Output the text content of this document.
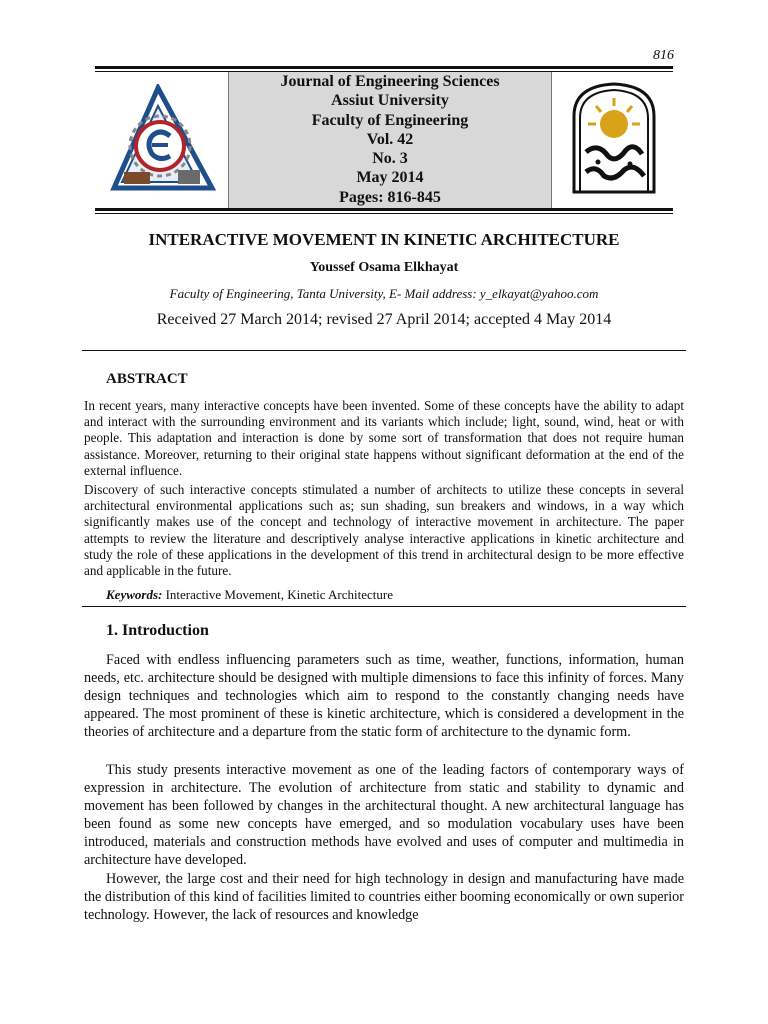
816
Journal of Engineering Sciences
Assiut University
Faculty of Engineering
Vol. 42
No. 3
May 2014
Pages: 816-845
INTERACTIVE MOVEMENT IN KINETIC ARCHITECTURE
Youssef Osama Elkhayat
Faculty of Engineering, Tanta University, E- Mail address: y_elkayat@yahoo.com
Received 27 March 2014; revised 27 April 2014; accepted 4 May 2014
ABSTRACT
In recent years, many interactive concepts have been invented. Some of these concepts have the ability to adapt and interact with the surrounding environment and its variants which include; light, sound, wind, heat or with people. This adaptation and interaction is done by some sort of transformation that does not require human assistance. Moreover, returning to their original state happens without significant deformation at the end of the external influence.
Discovery of such interactive concepts stimulated a number of architects to utilize these concepts in several architectural environmental applications such as; sun shading, sun breakers and windows, in a way which significantly makes use of the concept and technology of interactive movement in architecture. The paper attempts to review the literature and descriptively analyse interactive applications in kinetic architecture and study the role of these applications in the development of this trend in architectural design to be more effective and applicable in the future.
Keywords: Interactive Movement, Kinetic Architecture
1. Introduction
Faced with endless influencing parameters such as time, weather, functions, information, human needs, etc. architecture should be designed with multiple dimensions to face this infinity of forces. Many design techniques and technologies which aim to respond to the constantly changing needs have appeared. The most prominent of these is kinetic architecture, which is considered a development in the theories of architecture and a departure from the static form of architecture to the dynamic form.
This study presents interactive movement as one of the leading factors of contemporary ways of expression in architecture. The evolution of architecture from static and stability to dynamic and movement has been followed by changes in the architectural thought. A new architectural language has been found as some new concepts have emerged, and so modulation vocabulary uses have been introduced, materials and construction methods have evolved and uses of computer and multimedia in architecture have developed.
However, the large cost and their need for high technology in design and manufacturing have made the distribution of this kind of facilities limited to countries either booming economically or own superior technology. However, the lack of resources and knowledge
